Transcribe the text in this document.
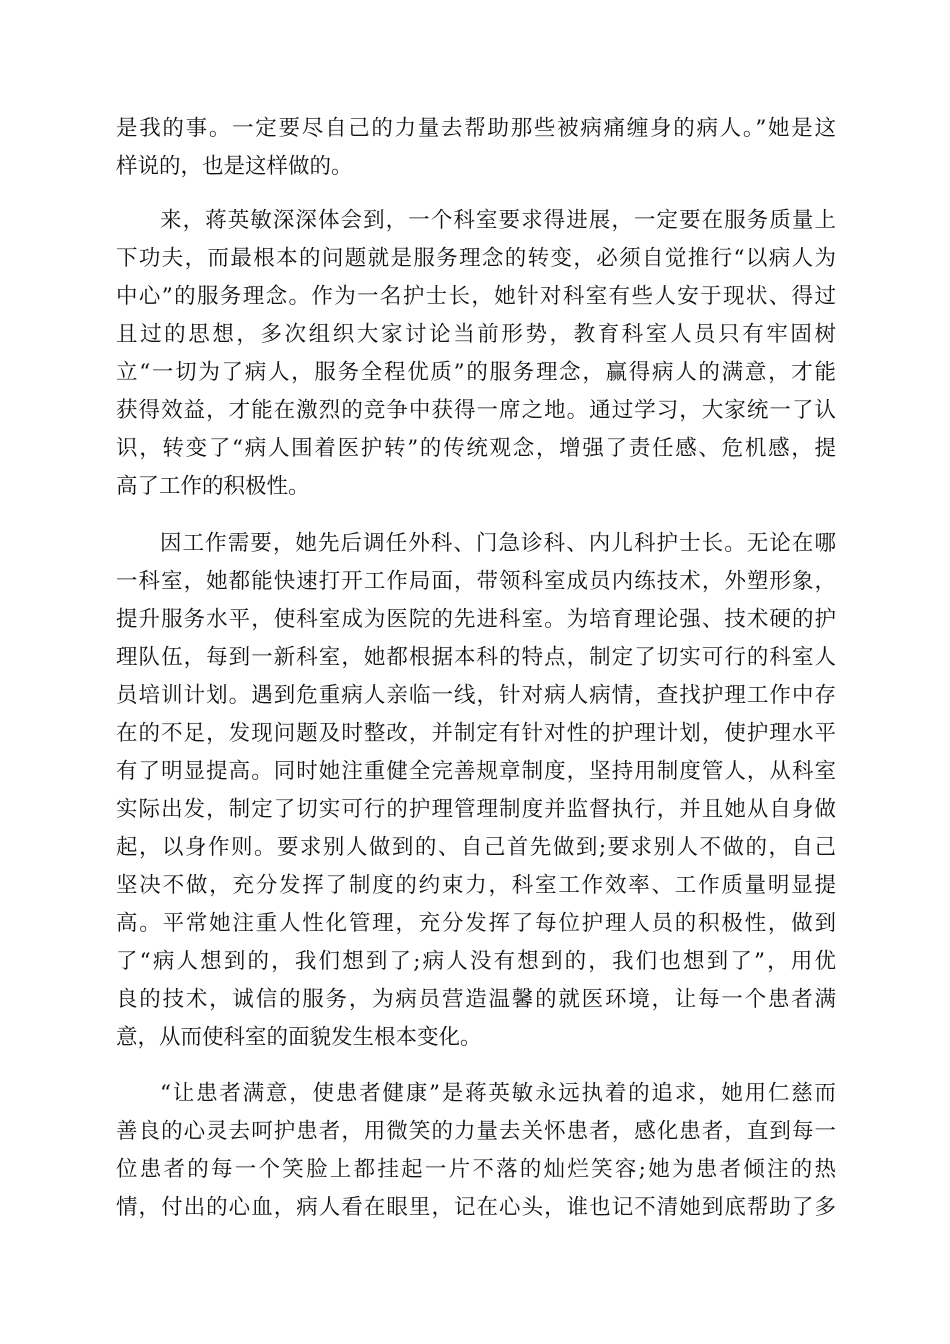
是我的事。一定要尽自己的力量去帮助那些被病痛缠身的病人。”她是这
样说的，也是这样做的。
来，蒋英敏深深体会到，一个科室要求得进展，一定要在服务质量上
下功夫，而最根本的问题就是服务理念的转变，必须自觉推行“以病人为
中心”的服务理念。作为一名护士长，她针对科室有些人安于现状、得过
且过的思想，多次组织大家讨论当前形势，教育科室人员只有牢固树
立“一切为了病人，服务全程优质”的服务理念，赢得病人的满意，才能
获得效益，才能在激烈的竞争中获得一席之地。通过学习，大家统一了认
识，转变了“病人围着医护转”的传统观念，增强了责任感、危机感，提
高了工作的积极性。
因工作需要，她先后调任外科、门急诊科、内儿科护士长。无论在哪
一科室，她都能快速打开工作局面，带领科室成员内练技术，外塑形象，
提升服务水平，使科室成为医院的先进科室。为培育理论强、技术硬的护
理队伍，每到一新科室，她都根据本科的特点，制定了切实可行的科室人
员培训计划。遇到危重病人亲临一线，针对病人病情，查找护理工作中存
在的不足，发现问题及时整改，并制定有针对性的护理计划，使护理水平
有了明显提高。同时她注重健全完善规章制度，坚持用制度管人，从科室
实际出发，制定了切实可行的护理管理制度并监督执行，并且她从自身做
起，以身作则。要求别人做到的、自己首先做到;要求别人不做的，自己
坚决不做，充分发挥了制度的约束力，科室工作效率、工作质量明显提
高。平常她注重人性化管理，充分发挥了每位护理人员的积极性，做到
了“病人想到的，我们想到了;病人没有想到的，我们也想到了”，用优
良的技术，诚信的服务，为病员营造温馨的就医环境，让每一个患者满
意，从而使科室的面貌发生根本变化。
“让患者满意，使患者健康”是蒋英敏永远执着的追求，她用仁慈而
善良的心灵去呵护患者，用微笑的力量去关怀患者，感化患者，直到每一
位患者的每一个笑脸上都挂起一片不落的灿烂笑容;她为患者倾注的热
情，付出的心血，病人看在眼里，记在心头，谁也记不清她到底帮助了多
